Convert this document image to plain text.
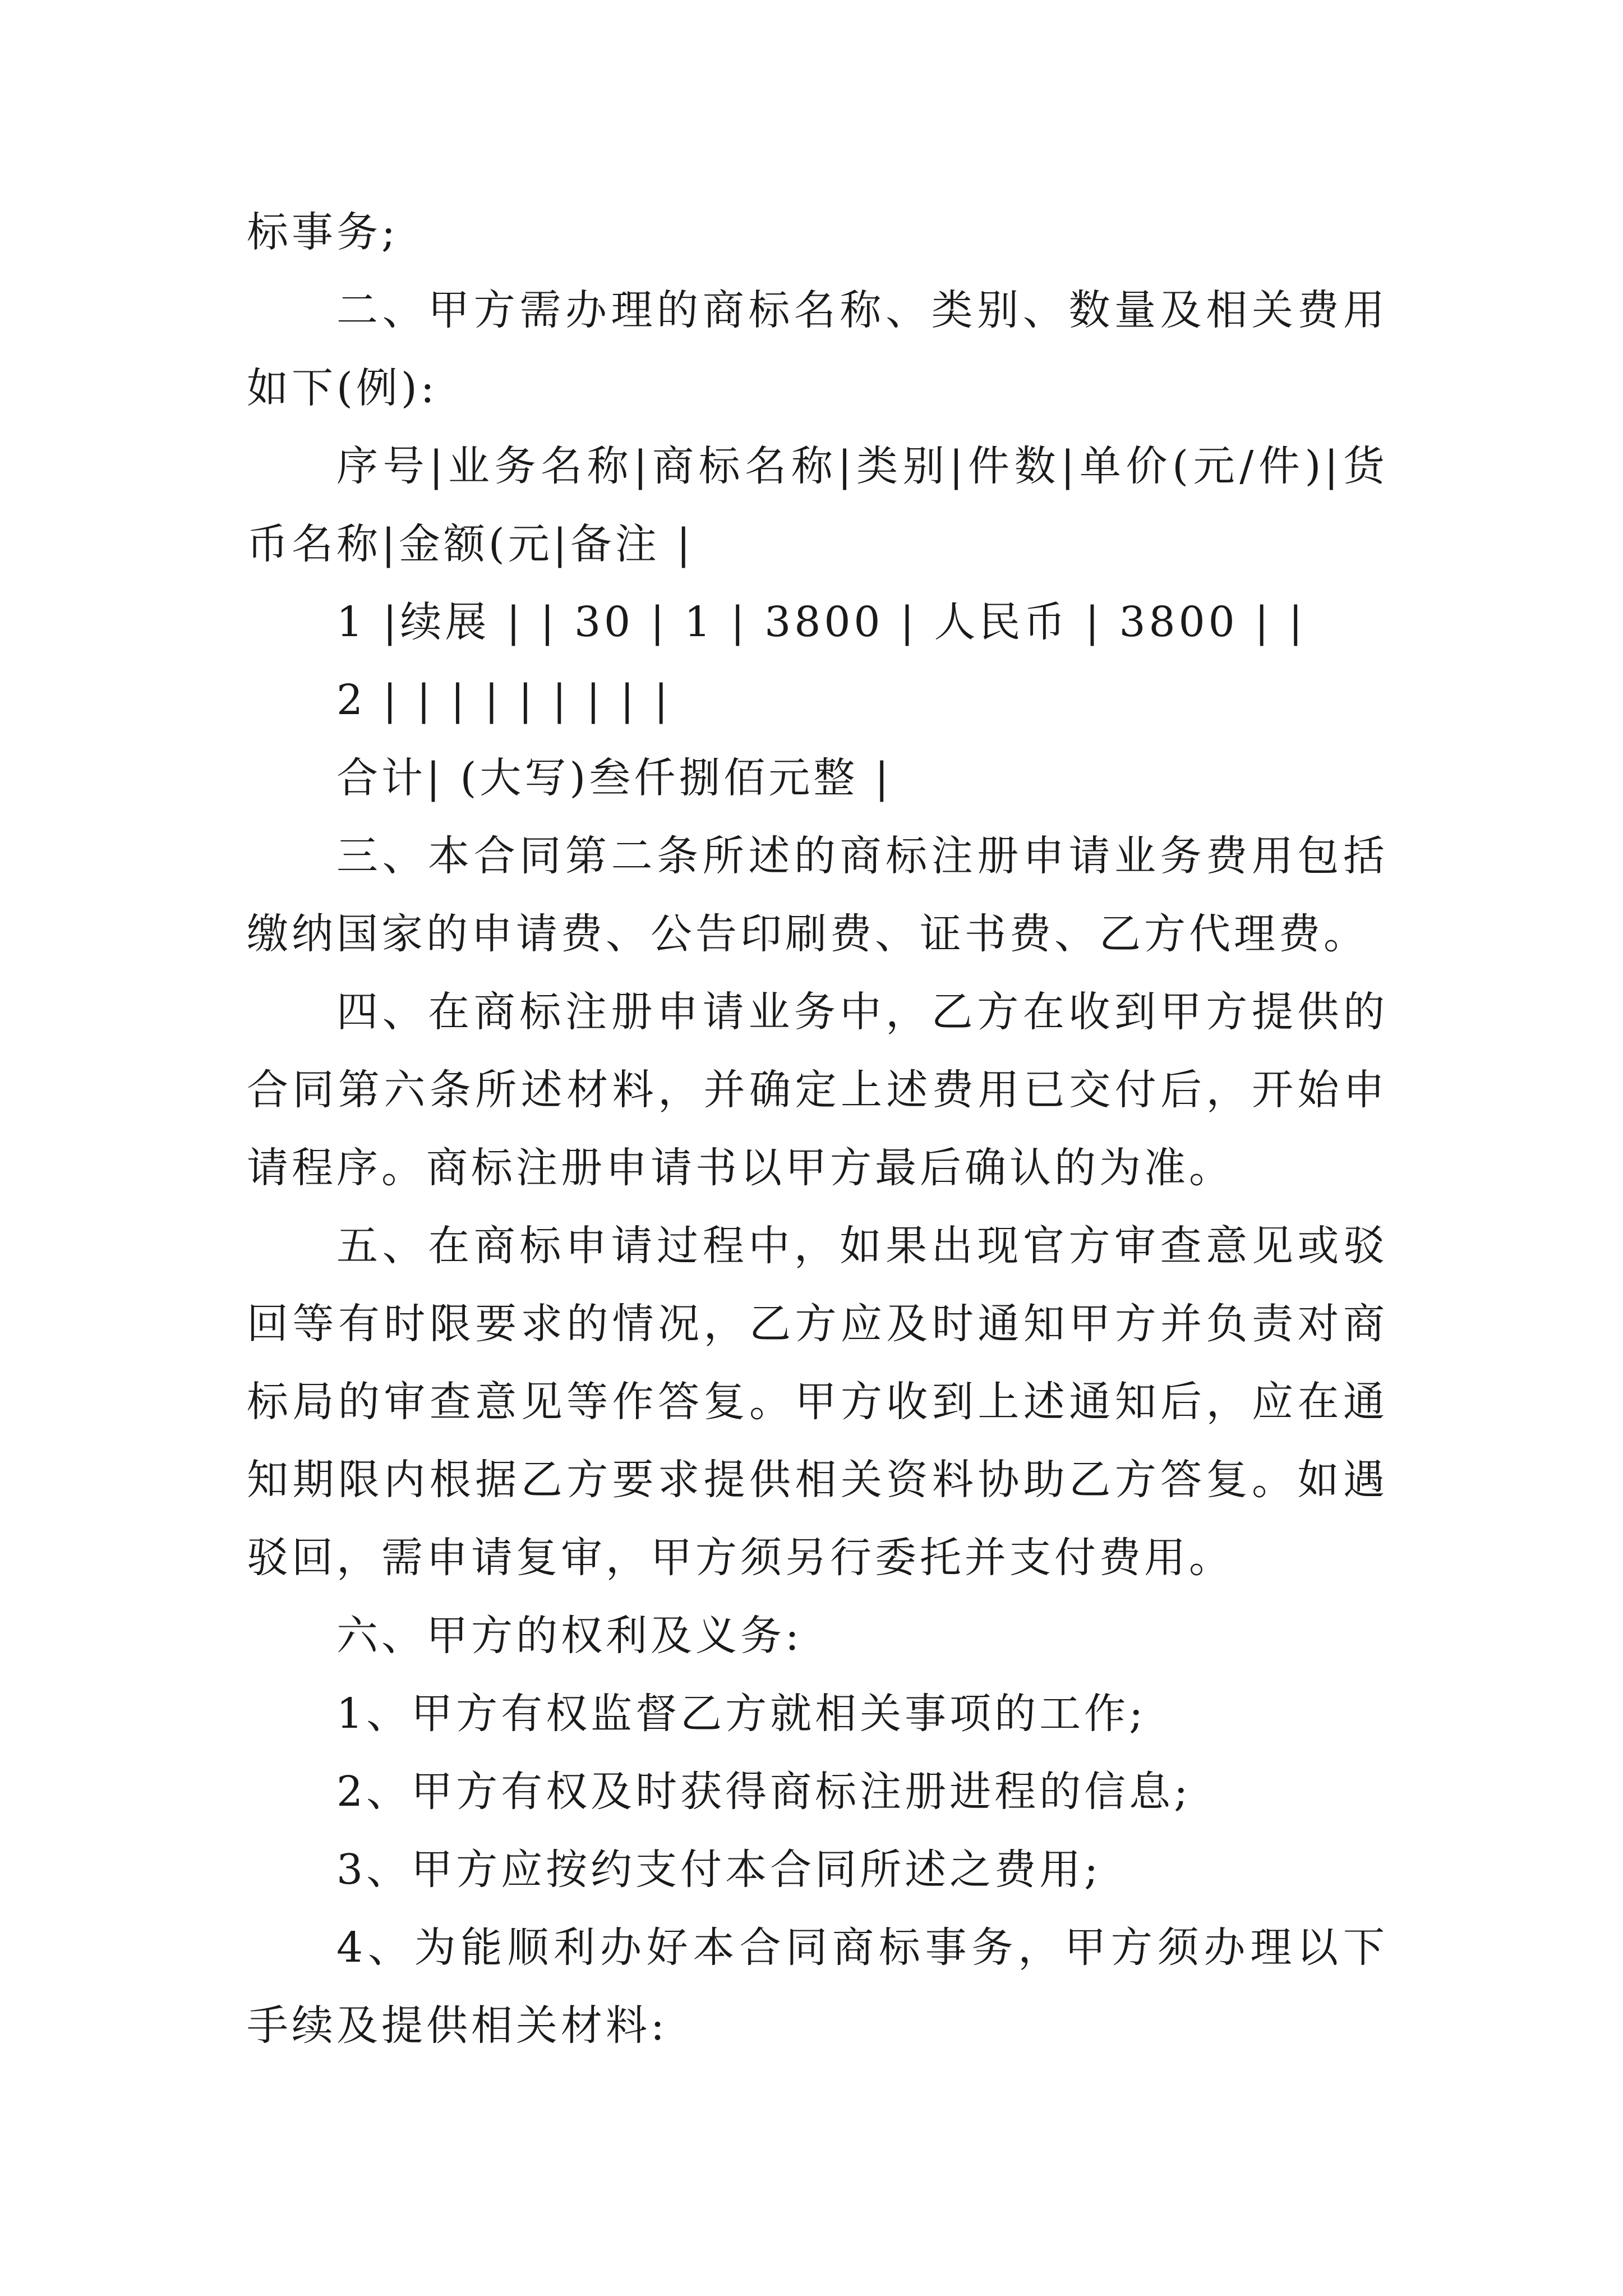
标事务;

二、甲方需办理的商标名称、类别、数量及相关费用如下(例):

序号|业务名称|商标名称|类别|件数|单价(元/件)|货币名称|金额(元|备注 |

1 |续展 | | 30 | 1 | 3800 | 人民币 | 3800 | |

2 | | | | | | | | |

合计| (大写)叁仟捌佰元整 |

三、本合同第二条所述的商标注册申请业务费用包括缴纳国家的申请费、公告印刷费、证书费、乙方代理费。

四、在商标注册申请业务中，乙方在收到甲方提供的合同第六条所述材料，并确定上述费用已交付后，开始申请程序。商标注册申请书以甲方最后确认的为准。

五、在商标申请过程中，如果出现官方审查意见或驳回等有时限要求的情况，乙方应及时通知甲方并负责对商标局的审查意见等作答复。甲方收到上述通知后，应在通知期限内根据乙方要求提供相关资料协助乙方答复。如遇驳回，需申请复审，甲方须另行委托并支付费用。

六、甲方的权利及义务:

1、甲方有权监督乙方就相关事项的工作;

2、甲方有权及时获得商标注册进程的信息;

3、甲方应按约支付本合同所述之费用;

4、为能顺利办好本合同商标事务，甲方须办理以下手续及提供相关材料:
